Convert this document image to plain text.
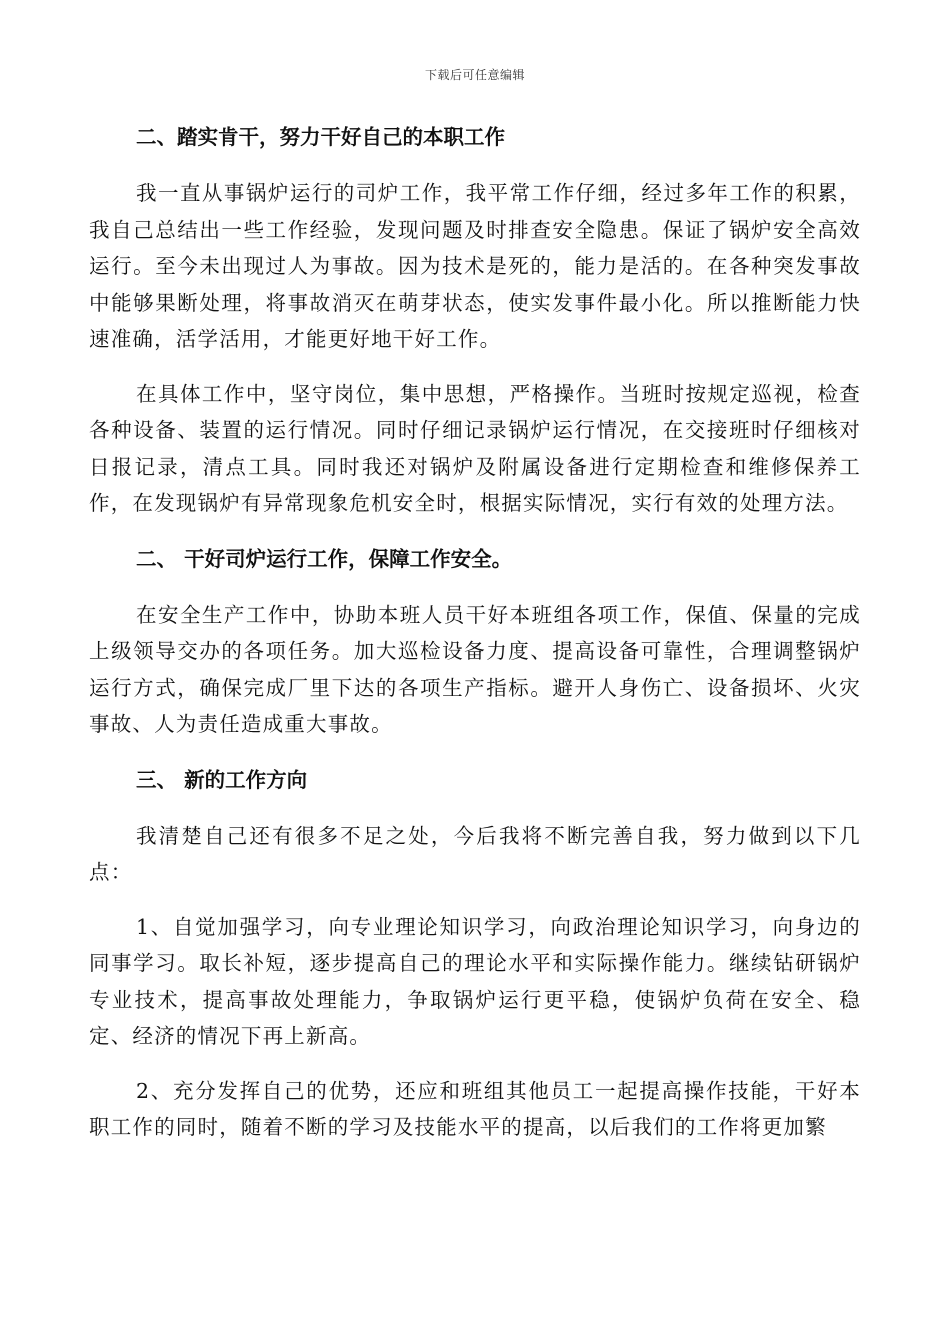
下载后可任意编辑
二、踏实肯干，努力干好自己的本职工作

我一直从事锅炉运行的司炉工作，我平常工作仔细，经过多年工作的积累，我自己总结出一些工作经验，发现问题及时排查安全隐患。保证了锅炉安全高效运行。至今未出现过人为事故。因为技术是死的，能力是活的。在各种突发事故中能够果断处理，将事故消灭在萌芽状态，使实发事件最小化。所以推断能力快速准确，活学活用，才能更好地干好工作。

在具体工作中，坚守岗位，集中思想，严格操作。当班时按规定巡视，检查各种设备、装置的运行情况。同时仔细记录锅炉运行情况，在交接班时仔细核对日报记录，清点工具。同时我还对锅炉及附属设备进行定期检查和维修保养工作，在发现锅炉有异常现象危机安全时，根据实际情况，实行有效的处理方法。

二、 干好司炉运行工作，保障工作安全。

在安全生产工作中，协助本班人员干好本班组各项工作，保值、保量的完成上级领导交办的各项任务。加大巡检设备力度、提高设备可靠性，合理调整锅炉运行方式，确保完成厂里下达的各项生产指标。避开人身伤亡、设备损坏、火灾事故、人为责任造成重大事故。

三、 新的工作方向

我清楚自己还有很多不足之处，今后我将不断完善自我，努力做到以下几点：

1、自觉加强学习，向专业理论知识学习，向政治理论知识学习，向身边的同事学习。取长补短，逐步提高自己的理论水平和实际操作能力。继续钻研锅炉专业技术，提高事故处理能力，争取锅炉运行更平稳，使锅炉负荷在安全、稳定、经济的情况下再上新高。

2、充分发挥自己的优势，还应和班组其他员工一起提高操作技能，干好本职工作的同时，随着不断的学习及技能水平的提高，以后我们的工作将更加繁
